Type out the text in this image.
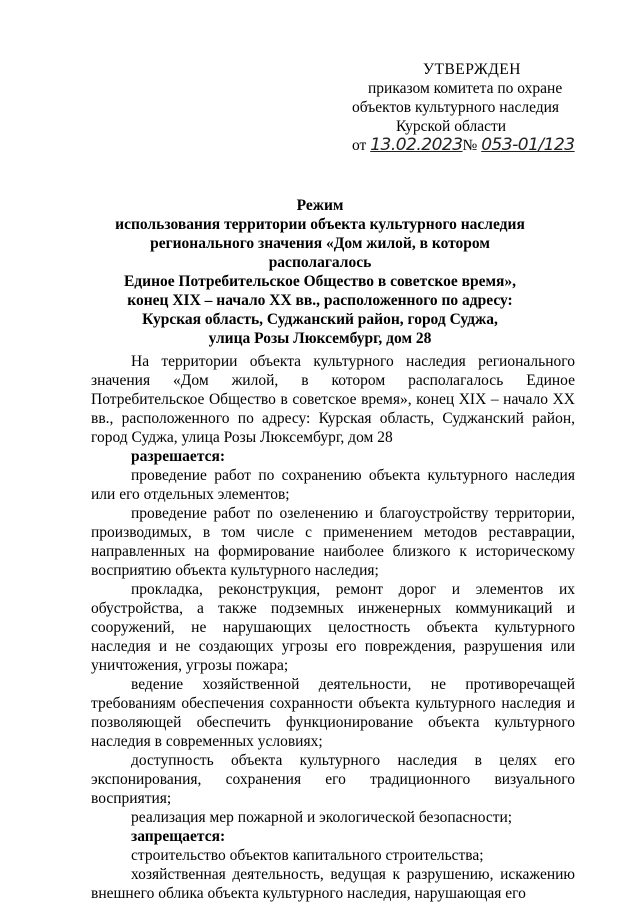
УТВЕРЖДЕН
приказом комитета по охране
объектов культурного наследия
Курской области
от 13.02.2023№ 053-01/123
Режим
использования территории объекта культурного наследия
регионального значения «Дом жилой, в котором располагалось
Единое Потребительское Общество в советское время»,
конец XIX – начало XX вв., расположенного по адресу:
Курская область, Суджанский район, город Суджа,
улица Розы Люксембург, дом 28

На территории объекта культурного наследия регионального значения «Дом жилой, в котором располагалось Единое Потребительское Общество в советское время», конец XIX – начало XX вв., расположенного по адресу: Курская область, Суджанский район, город Суджа, улица Розы Люксембург, дом 28

разрешается:

проведение работ по сохранению объекта культурного наследия или его отдельных элементов;

проведение работ по озеленению и благоустройству территории, производимых, в том числе с применением методов реставрации, направленных на формирование наиболее близкого к историческому восприятию объекта культурного наследия;

прокладка, реконструкция, ремонт дорог и элементов их обустройства, а также подземных инженерных коммуникаций и сооружений, не нарушающих целостность объекта культурного наследия и не создающих угрозы его повреждения, разрушения или уничтожения, угрозы пожара;

ведение хозяйственной деятельности, не противоречащей требованиям обеспечения сохранности объекта культурного наследия и позволяющей обеспечить функционирование объекта культурного наследия в современных условиях;

доступность объекта культурного наследия в целях его экспонирования, сохранения его традиционного визуального восприятия;

реализация мер пожарной и экологической безопасности;

запрещается:

строительство объектов капитального строительства;

хозяйственная деятельность, ведущая к разрушению, искажению внешнего облика объекта культурного наследия, нарушающая его
